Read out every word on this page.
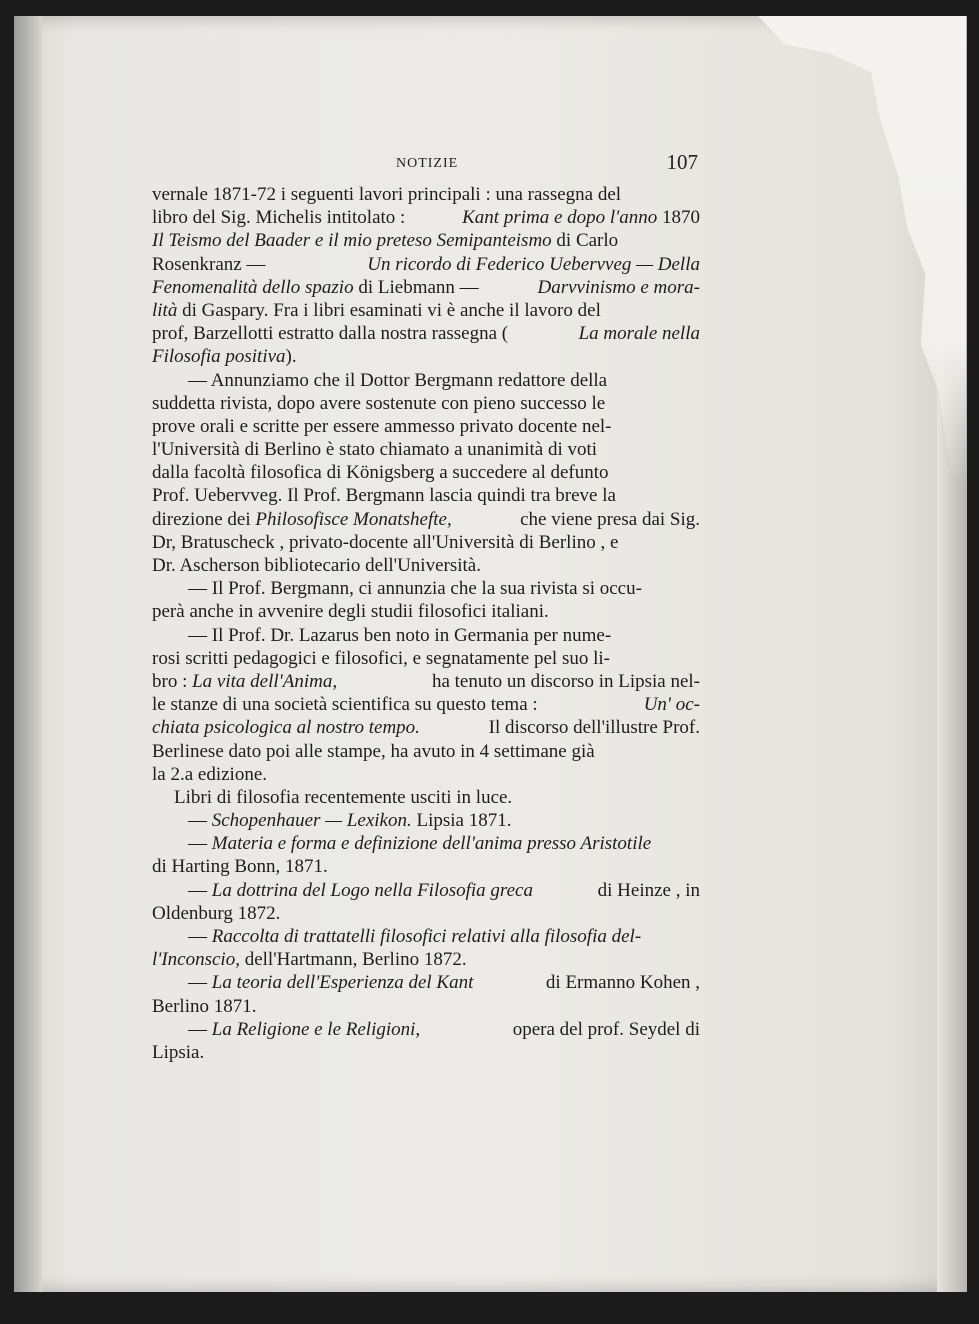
NOTIZIE	107
vernale 1871-72 i seguenti lavori principali : una rassegna del
libro del Sig. Michelis intitolato :	Kant prima e dopo l'anno 1870
Il Teismo del Baader e il mio preteso Semipanteismo di Carlo
Rosenkranz —	Un ricordo di Federico Uebervveg — Della
Fenomenalità dello spazio di Liebmann —	Darvvinismo e mora-
lità di Gaspary. Fra i libri esaminati vi è anche il lavoro del
prof, Barzellotti estratto dalla nostra rassegna (	La morale nella
Filosofia positiva).
— Annunziamo che il Dottor Bergmann redattore della
suddetta rivista, dopo avere sostenute con pieno successo le
prove orali e scritte per essere ammesso privato docente nel-
l'Università di Berlino è stato chiamato a unanimità di voti
dalla facoltà filosofica di Königsberg a succedere al defunto
Prof. Uebervveg. Il Prof. Bergmann lascia quindi tra breve la
direzione dei Philosofisce Monatshefte,	che viene presa dai Sig.
Dr, Bratuscheck , privato-docente all'Università di Berlino , e
Dr. Ascherson bibliotecario dell'Università.
— Il Prof. Bergmann, ci annunzia che la sua rivista si occu-
perà anche in avvenire degli studii filosofici italiani.
— Il Prof. Dr. Lazarus ben noto in Germania per nume-
rosi scritti pedagogici e filosofici, e segnatamente pel suo li-
bro : La vita dell'Anima,	ha tenuto un discorso in Lipsia nel-
le stanze di una società scientifica su questo tema :	Un' oc-
chiata psicologica al nostro tempo.	Il discorso dell'illustre Prof.
Berlinese dato poi alle stampe, ha avuto in 4 settimane già
la 2.a edizione.
Libri di filosofia recentemente usciti in luce.
— Schopenhauer — Lexikon. Lipsia 1871.
— Materia e forma e definizione dell'anima presso Aristotile
di Harting Bonn, 1871.
— La dottrina del Logo nella Filosofia greca	di Heinze , in
Oldenburg 1872.
— Raccolta di trattatelli filosofici relativi alla filosofia del-
l'Inconscio, dell'Hartmann, Berlino 1872.
— La teoria dell'Esperienza del Kant	di Ermanno Kohen ,
Berlino 1871.
— La Religione e le Religioni,	opera del prof. Seydel di
Lipsia.
